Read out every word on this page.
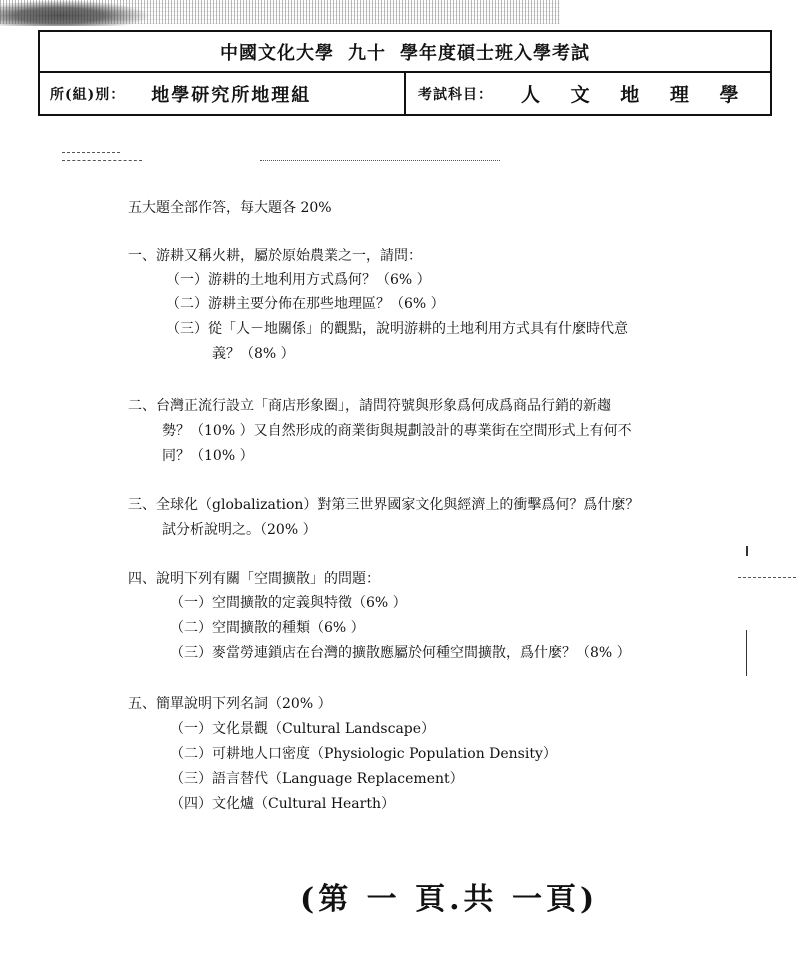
中國文化大學 九十 學年度碩士班入學考試
所(組)別： 地學研究所地理組	考試科目： 人 文 地 理 學
五大題全部作答，每大題各 20%
一、游耕又稱火耕，屬於原始農業之一，請問：
（一）游耕的土地利用方式爲何？（6% ）
（二）游耕主要分佈在那些地理區？（6% ）
（三）從「人－地關係」的觀點，說明游耕的土地利用方式具有什麼時代意
義？（8% ）
二、台灣正流行設立「商店形象圈」，請問符號與形象爲何成爲商品行銷的新趨
勢？（10% ）又自然形成的商業街與規劃設計的專業街在空間形式上有何不
同？（10% ）
三、全球化（globalization）對第三世界國家文化與經濟上的衝擊爲何？爲什麼？
試分析說明之。（20% ）
四、說明下列有關「空間擴散」的問題：
（一）空間擴散的定義與特徵（6% ）
（二）空間擴散的種類（6% ）
（三）麥當勞連鎖店在台灣的擴散應屬於何種空間擴散，爲什麼？（8% ）
五、簡單說明下列名詞（20% ）
（一）文化景觀（Cultural Landscape）
（二）可耕地人口密度（Physiologic Population Density）
（三）語言替代（Language Replacement）
（四）文化爐（Cultural Hearth）
(第 一 頁.共 一頁)
